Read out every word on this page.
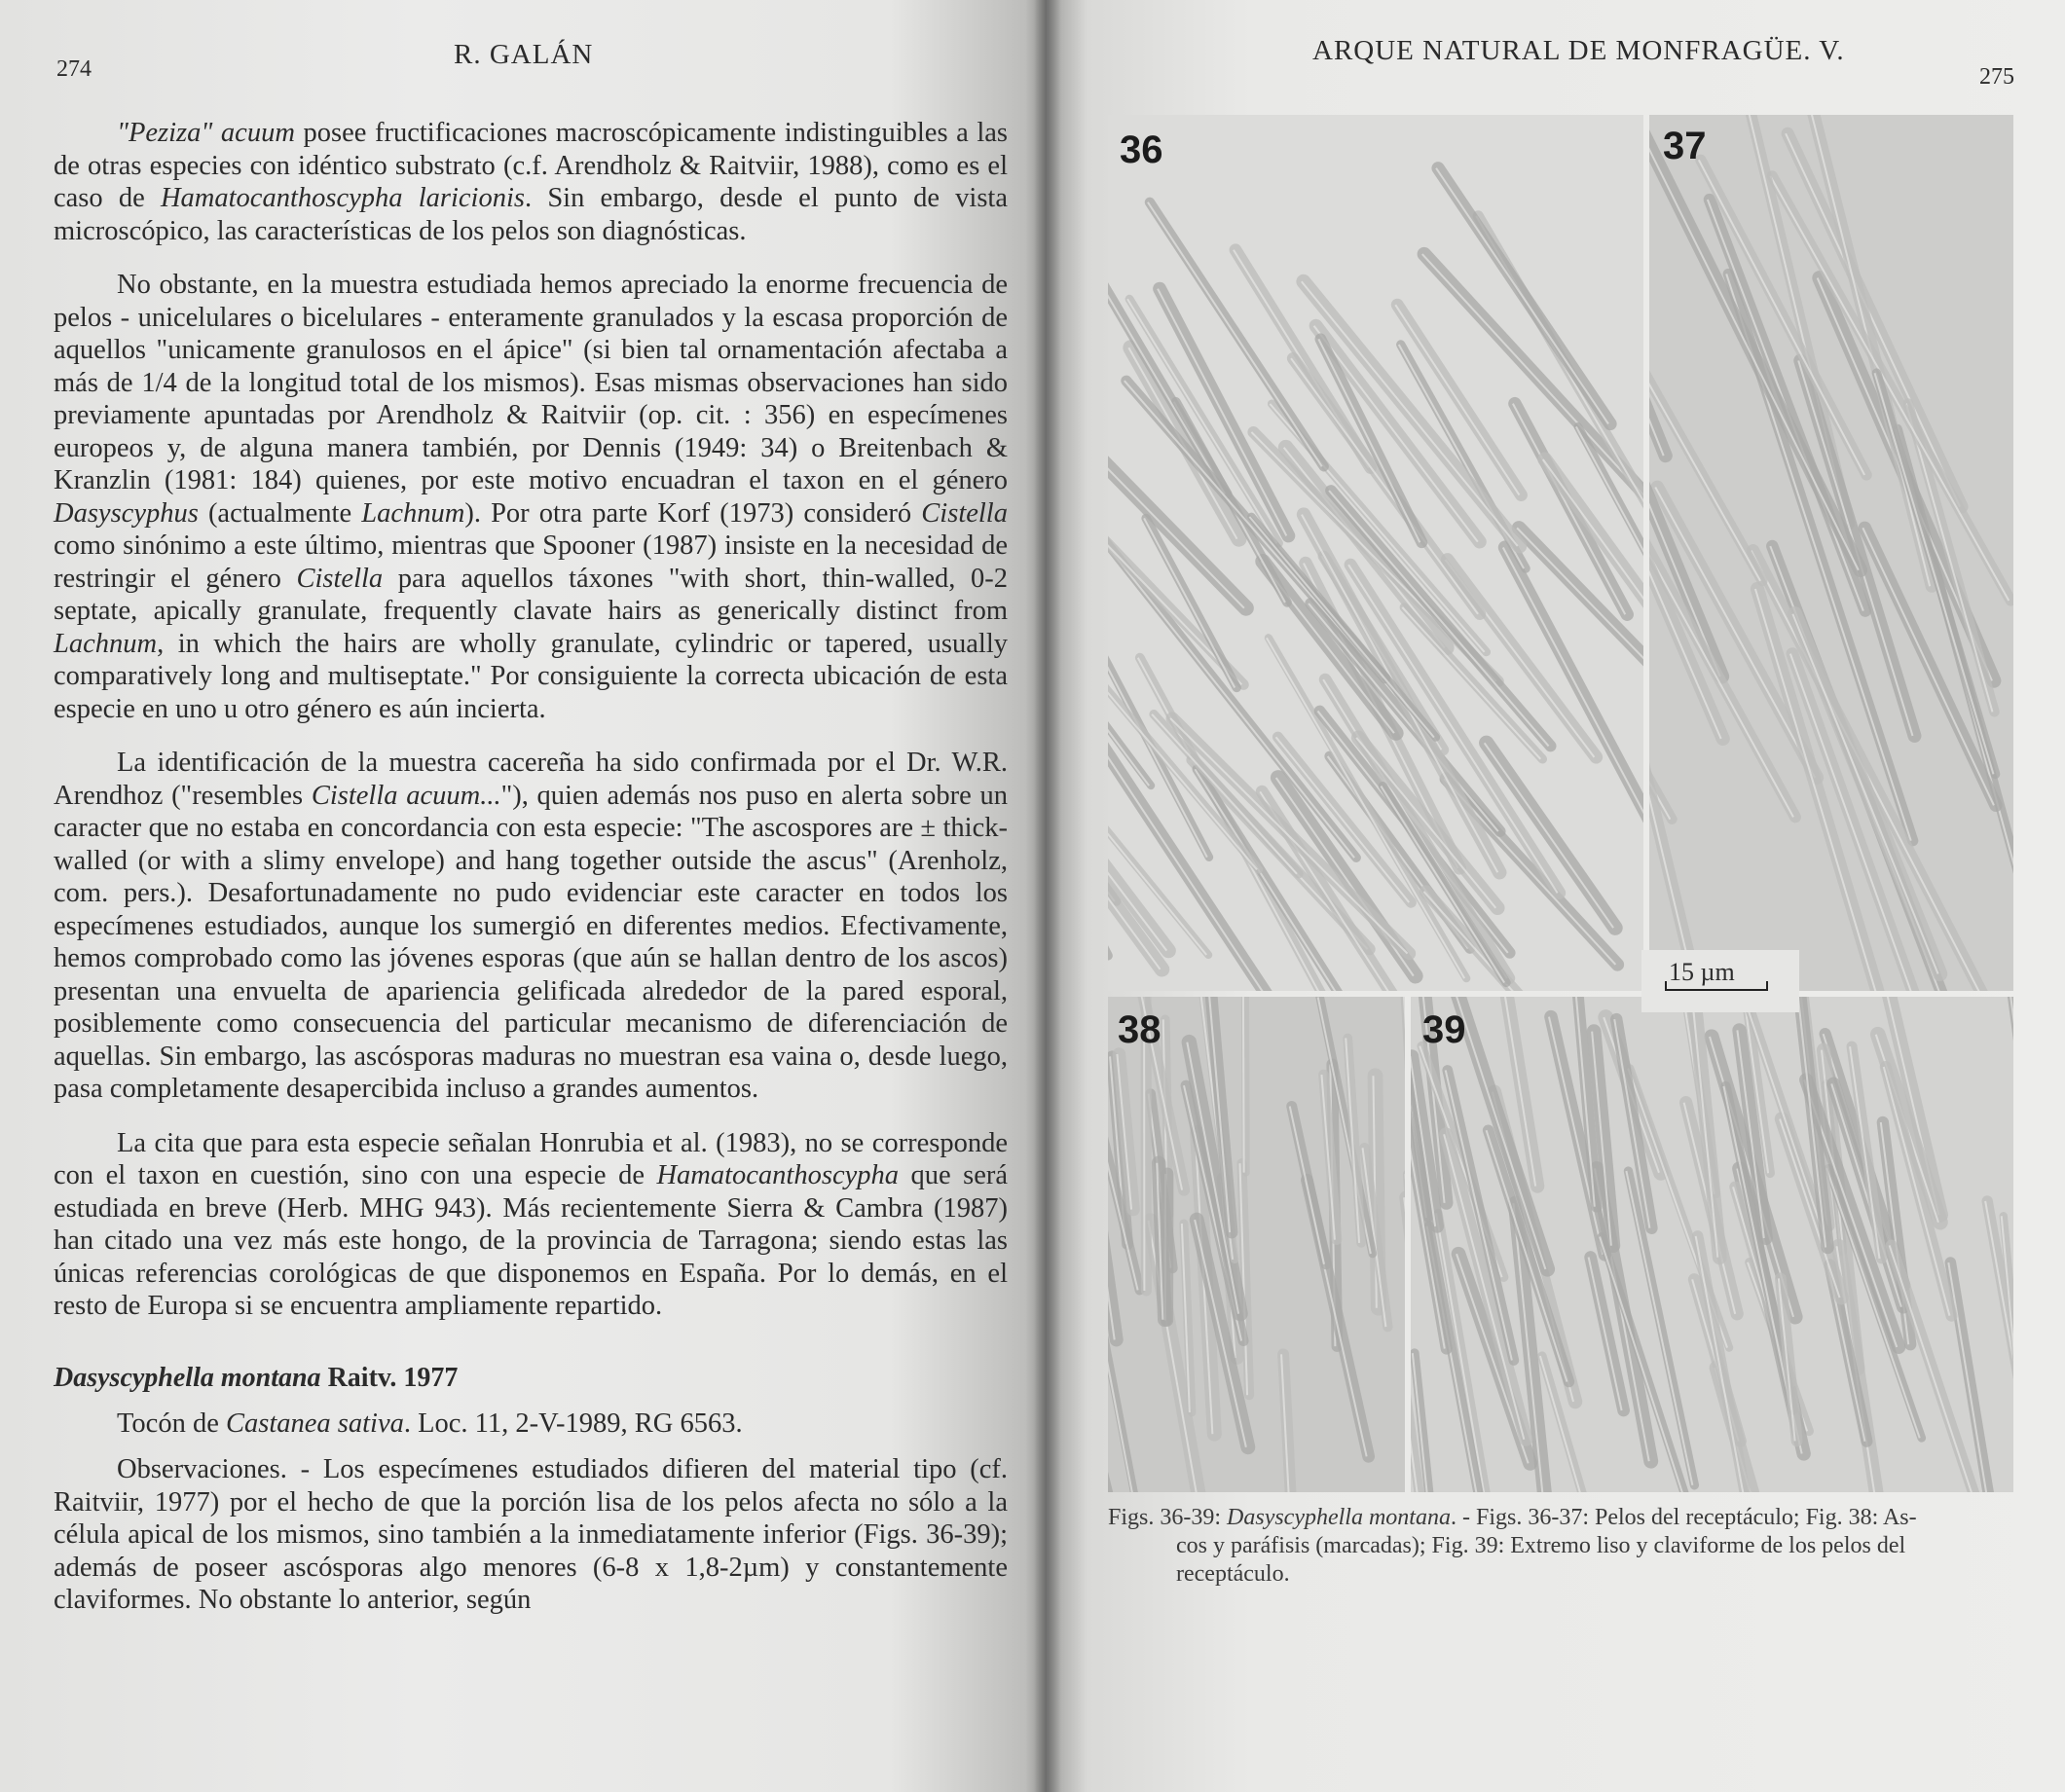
274	R. GALÁN

"Peziza" acuum posee fructificaciones macroscópicamente indistinguibles a las de otras especies con idéntico substrato (c.f. Arendholz & Raitviir, 1988), como es el caso de Hamatocanthoscypha laricionis. Sin embargo, desde el punto de vista microscópico, las características de los pelos son diagnósticas.

No obstante, en la muestra estudiada hemos apreciado la enorme frecuencia de pelos - unicelulares o bicelulares - enteramente granulados y la escasa proporción de aquellos "unicamente granulosos en el ápice" (si bien tal ornamentación afectaba a más de 1/4 de la longitud total de los mismos). Esas mismas observaciones han sido previamente apuntadas por Arendholz & Raitviir (op. cit. : 356) en especímenes europeos y, de alguna manera también, por Dennis (1949: 34) o Breitenbach & Kranzlin (1981: 184) quienes, por este motivo encuadran el taxon en el género Dasyscyphus (actualmente Lachnum). Por otra parte Korf (1973) consideró Cistella como sinónimo a este último, mientras que Spooner (1987) insiste en la necesidad de restringir el género Cistella para aquellos táxones "with short, thin-walled, 0-2 septate, apically granulate, frequently clavate hairs as generically distinct from Lachnum, in which the hairs are wholly granulate, cylindric or tapered, usually comparatively long and multiseptate." Por consiguiente la correcta ubicación de esta especie en uno u otro género es aún incierta.

La identificación de la muestra cacereña ha sido confirmada por el Dr. W.R. Arendhoz ("resembles Cistella acuum..."), quien además nos puso en alerta sobre un caracter que no estaba en concordancia con esta especie: "The ascospores are ± thick-walled (or with a slimy envelope) and hang together outside the ascus" (Arenholz, com. pers.). Desafortunadamente no pudo evidenciar este caracter en todos los especímenes estudiados, aunque los sumergió en diferentes medios. Efectivamente, hemos comprobado como las jóvenes esporas (que aún se hallan dentro de los ascos) presentan una envuelta de apariencia gelificada alrededor de la pared esporal, posiblemente como consecuencia del particular mecanismo de diferenciación de aquellas. Sin embargo, las ascósporas maduras no muestran esa vaina o, desde luego, pasa completamente desapercibida incluso a grandes aumentos.

La cita que para esta especie señalan Honrubia et al. (1983), no se corresponde con el taxon en cuestión, sino con una especie de Hamatocanthoscypha que será estudiada en breve (Herb. MHG 943). Más recientemente Sierra & Cambra (1987) han citado una vez más este hongo, de la provincia de Tarragona; siendo estas las únicas referencias corológicas de que disponemos en España. Por lo demás, en el resto de Europa si se encuentra ampliamente repartido.

Dasyscyphella montana Raitv. 1977

Tocón de Castanea sativa. Loc. 11, 2-V-1989, RG 6563.

Observaciones. - Los especímenes estudiados difieren del material tipo (cf. Raitviir, 1977) por el hecho de que la porción lisa de los pelos afecta no sólo a la célula apical de los mismos, sino también a la inmediatamente inferior (Figs. 36-39); además de poseer ascósporas algo menores (6-8 x 1,8-2µm) y constantemente claviformes. No obstante lo anterior, según

ARQUE NATURAL DE MONFRAGÜE. V.
275
36	37
38	39
15 µm
Figs. 36-39: Dasyscyphella montana. - Figs. 36-37: Pelos del receptáculo; Fig. 38: As-
cos y paráfisis (marcadas); Fig. 39: Extremo liso y claviforme de los pelos del
receptáculo.
